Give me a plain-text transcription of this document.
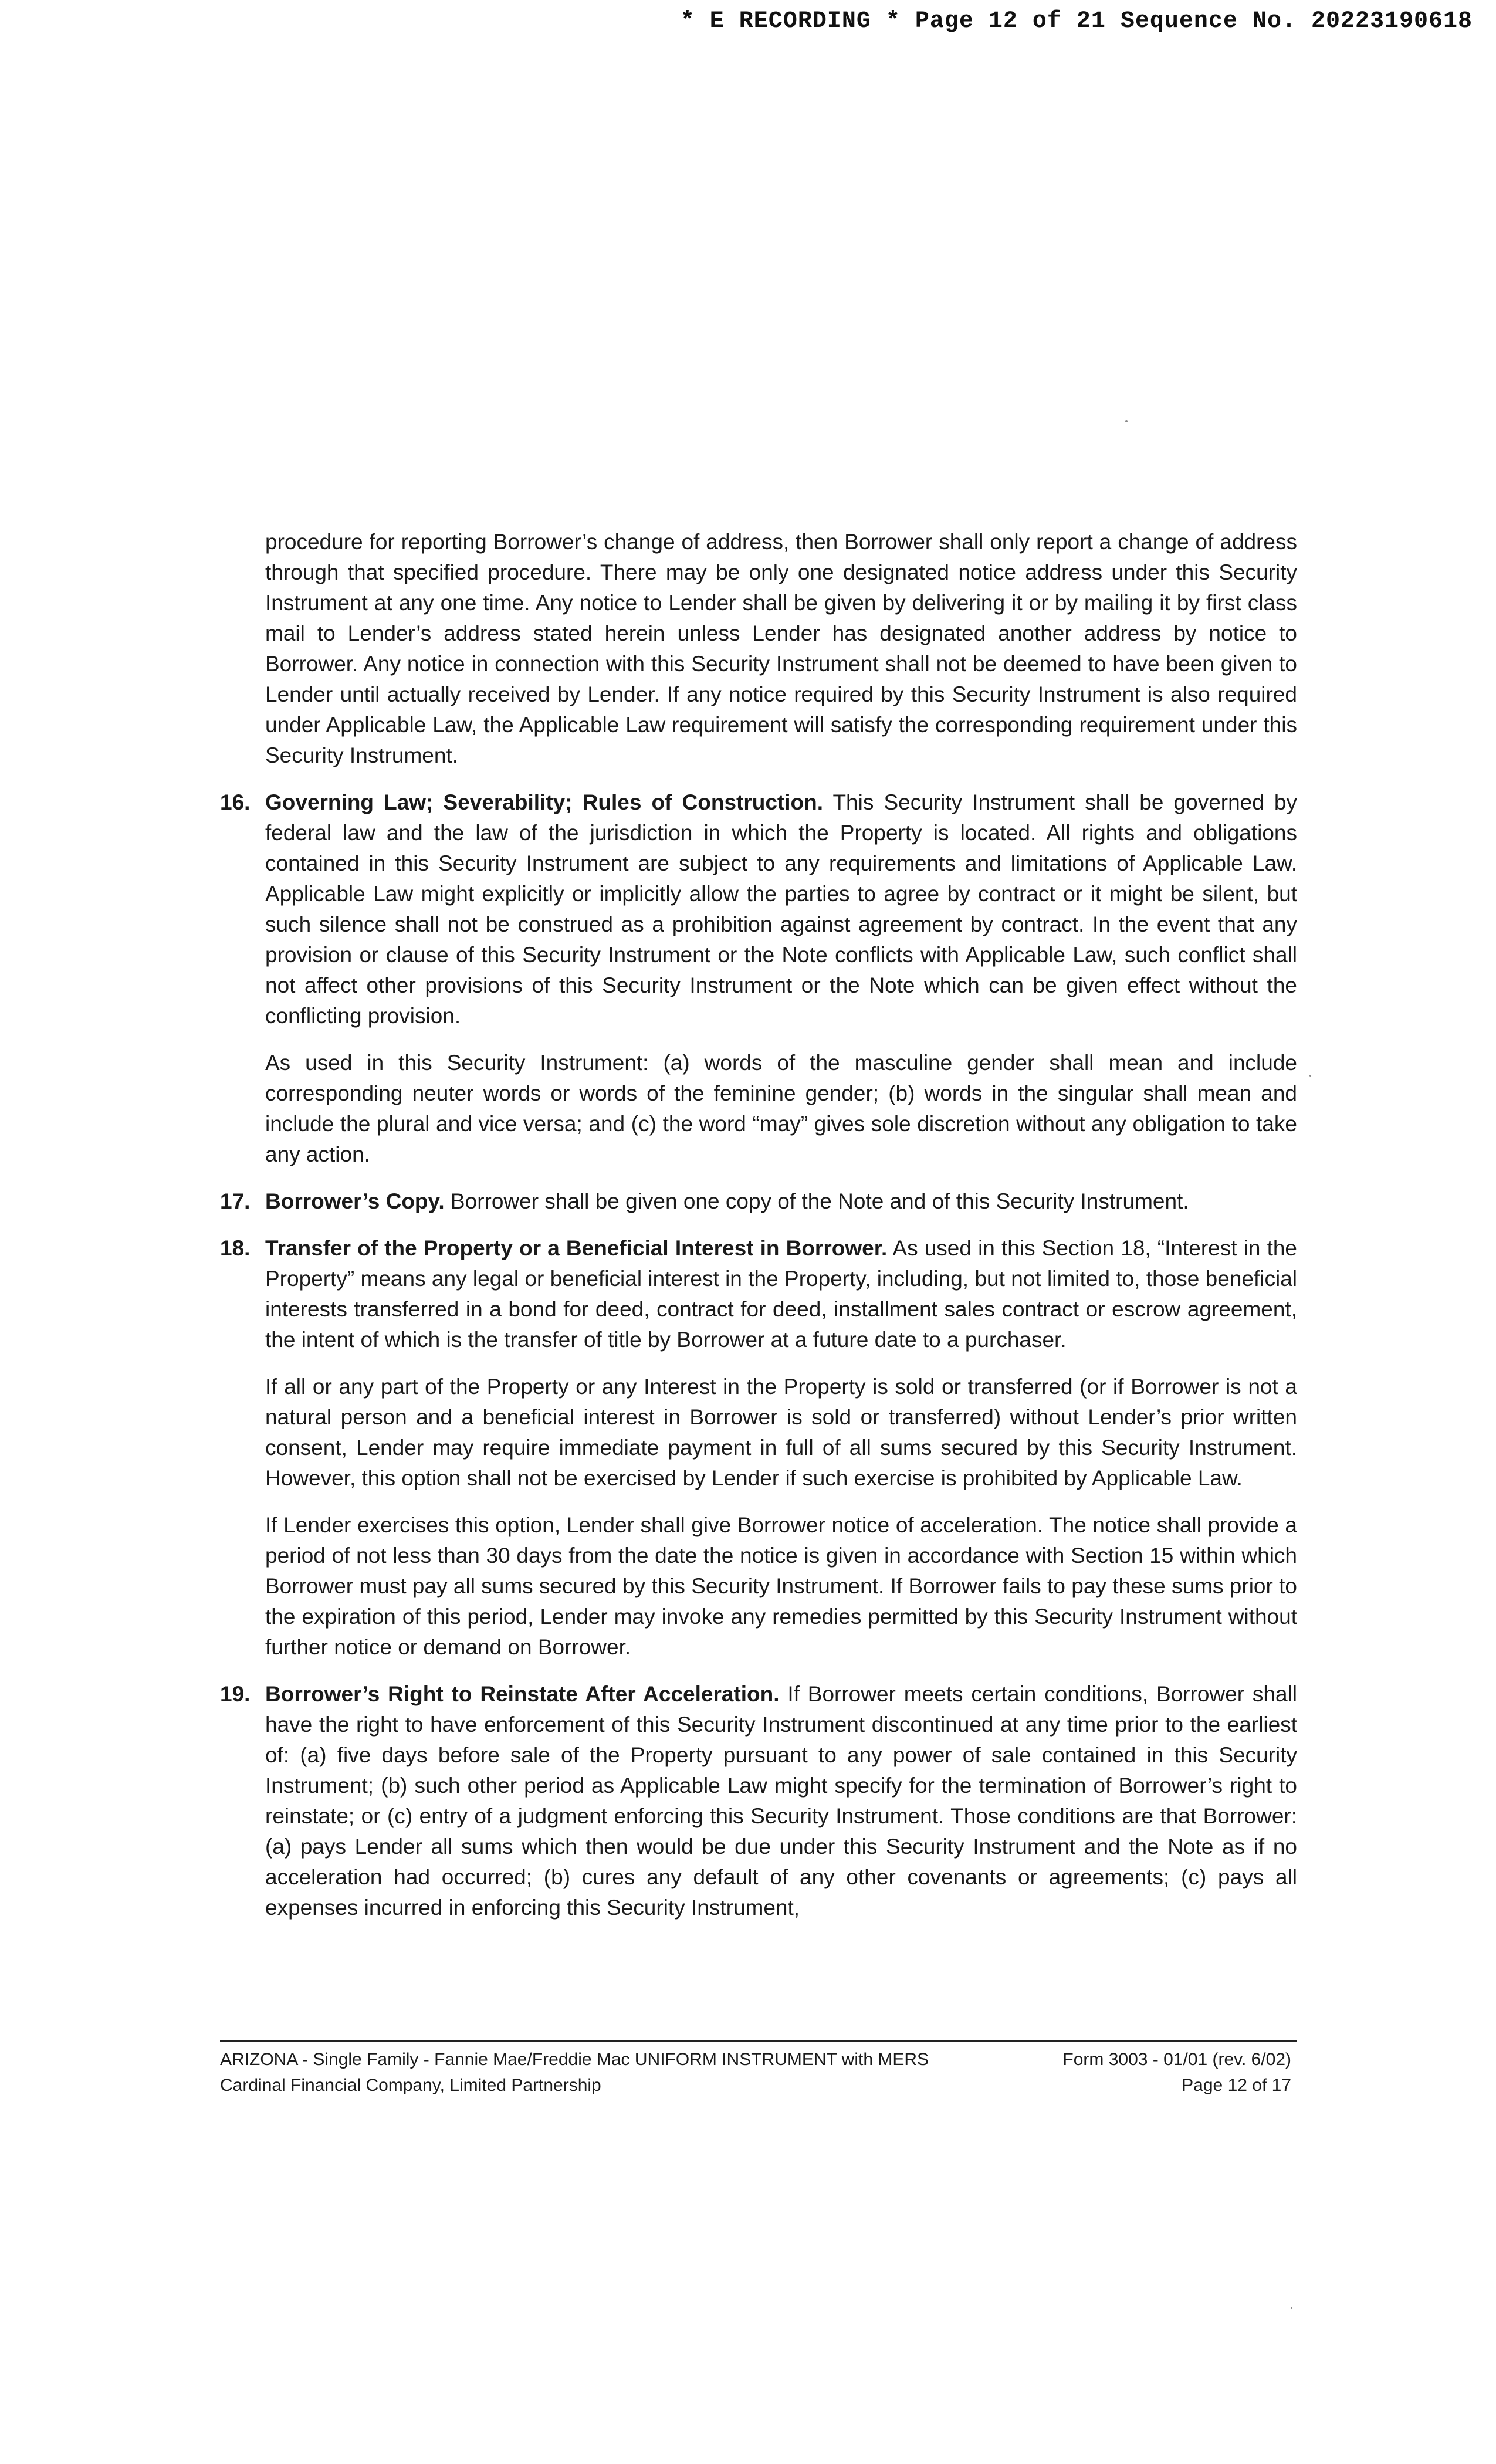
* E RECORDING * Page 12 of 21 Sequence No. 20223190618

procedure for reporting Borrower’s change of address, then Borrower shall only report a change of address through that specified procedure. There may be only one designated notice address under this Security Instrument at any one time. Any notice to Lender shall be given by delivering it or by mailing it by first class mail to Lender’s address stated herein unless Lender has designated another address by notice to Borrower. Any notice in connection with this Security Instrument shall not be deemed to have been given to Lender until actually received by Lender. If any notice required by this Security Instrument is also required under Applicable Law, the Applicable Law requirement will satisfy the corresponding requirement under this Security Instrument.

16. Governing Law; Severability; Rules of Construction. This Security Instrument shall be governed by federal law and the law of the jurisdiction in which the Property is located. All rights and obligations contained in this Security Instrument are subject to any requirements and limitations of Applicable Law. Applicable Law might explicitly or implicitly allow the parties to agree by contract or it might be silent, but such silence shall not be construed as a prohibition against agreement by contract. In the event that any provision or clause of this Security Instrument or the Note conflicts with Applicable Law, such conflict shall not affect other provisions of this Security Instrument or the Note which can be given effect without the conflicting provision.

As used in this Security Instrument: (a) words of the masculine gender shall mean and include corresponding neuter words or words of the feminine gender; (b) words in the singular shall mean and include the plural and vice versa; and (c) the word “may” gives sole discretion without any obligation to take any action.

17. Borrower’s Copy. Borrower shall be given one copy of the Note and of this Security Instrument.
18. Transfer of the Property or a Beneficial Interest in Borrower. As used in this Section 18, “Interest in the Property” means any legal or beneficial interest in the Property, including, but not limited to, those beneficial interests transferred in a bond for deed, contract for deed, installment sales contract or escrow agreement, the intent of which is the transfer of title by Borrower at a future date to a purchaser.

If all or any part of the Property or any Interest in the Property is sold or transferred (or if Borrower is not a natural person and a beneficial interest in Borrower is sold or transferred) without Lender’s prior written consent, Lender may require immediate payment in full of all sums secured by this Security Instrument. However, this option shall not be exercised by Lender if such exercise is prohibited by Applicable Law.

If Lender exercises this option, Lender shall give Borrower notice of acceleration. The notice shall provide a period of not less than 30 days from the date the notice is given in accordance with Section 15 within which Borrower must pay all sums secured by this Security Instrument. If Borrower fails to pay these sums prior to the expiration of this period, Lender may invoke any remedies permitted by this Security Instrument without further notice or demand on Borrower.

19. Borrower’s Right to Reinstate After Acceleration. If Borrower meets certain conditions, Borrower shall have the right to have enforcement of this Security Instrument discontinued at any time prior to the earliest of: (a) five days before sale of the Property pursuant to any power of sale contained in this Security Instrument; (b) such other period as Applicable Law might specify for the termination of Borrower’s right to reinstate; or (c) entry of a judgment enforcing this Security Instrument. Those conditions are that Borrower: (a) pays Lender all sums which then would be due under this Security Instrument and the Note as if no acceleration had occurred; (b) cures any default of any other covenants or agreements; (c) pays all expenses incurred in enforcing this Security Instrument,
ARIZONA - Single Family - Fannie Mae/Freddie Mac UNIFORM INSTRUMENT with MERS	Form 3003 - 01/01 (rev. 6/02)
Cardinal Financial Company, Limited Partnership	Page 12 of 17
